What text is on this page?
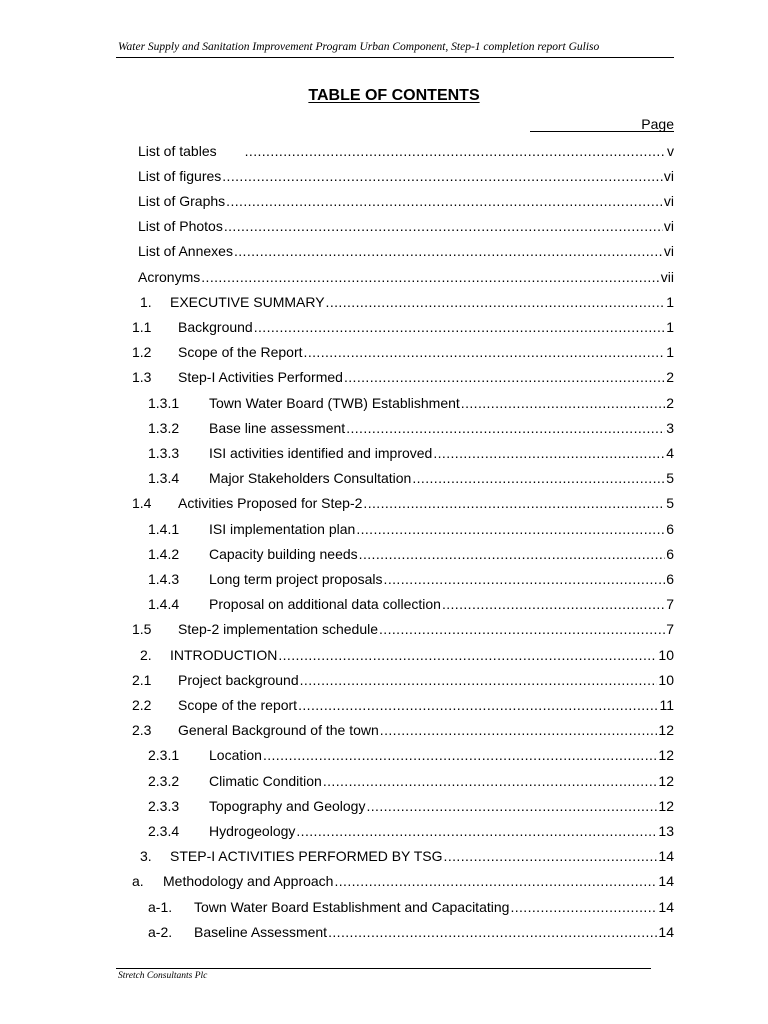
Water Supply and Sanitation Improvement Program Urban Component, Step-1 completion report Guliso
TABLE OF CONTENTS
Page
List of tables .....	v
List of figures .....	vi
List of Graphs .....	vi
List of Photos .....	vi
List of Annexes .....	vi
Acronyms .....	vii
1.	EXECUTIVE SUMMARY .....	1
1.1	Background .....	1
1.2	Scope of the Report .....	1
1.3	Step-I Activities Performed .....	2
1.3.1	Town Water Board (TWB) Establishment .....	2
1.3.2	Base line assessment .....	3
1.3.3	ISI activities identified and improved .....	4
1.3.4	Major Stakeholders Consultation .....	5
1.4	Activities Proposed for Step-2 .....	5
1.4.1	ISI implementation plan .....	6
1.4.2	Capacity building needs .....	6
1.4.3	Long term project proposals .....	6
1.4.4	Proposal on additional data collection .....	7
1.5	Step-2 implementation schedule .....	7
2.	INTRODUCTION .....	10
2.1	Project background .....	10
2.2	Scope of the report .....	11
2.3	General Background of the town .....	12
2.3.1	Location .....	12
2.3.2	Climatic Condition .....	12
2.3.3	Topography and Geology .....	12
2.3.4	Hydrogeology .....	13
3.	STEP-I ACTIVITIES PERFORMED BY TSG .....	14
a.	Methodology and Approach .....	14
a-1.	Town Water Board Establishment and Capacitating .....	14
a-2.	Baseline Assessment .....	14
Stretch Consultants Plc
